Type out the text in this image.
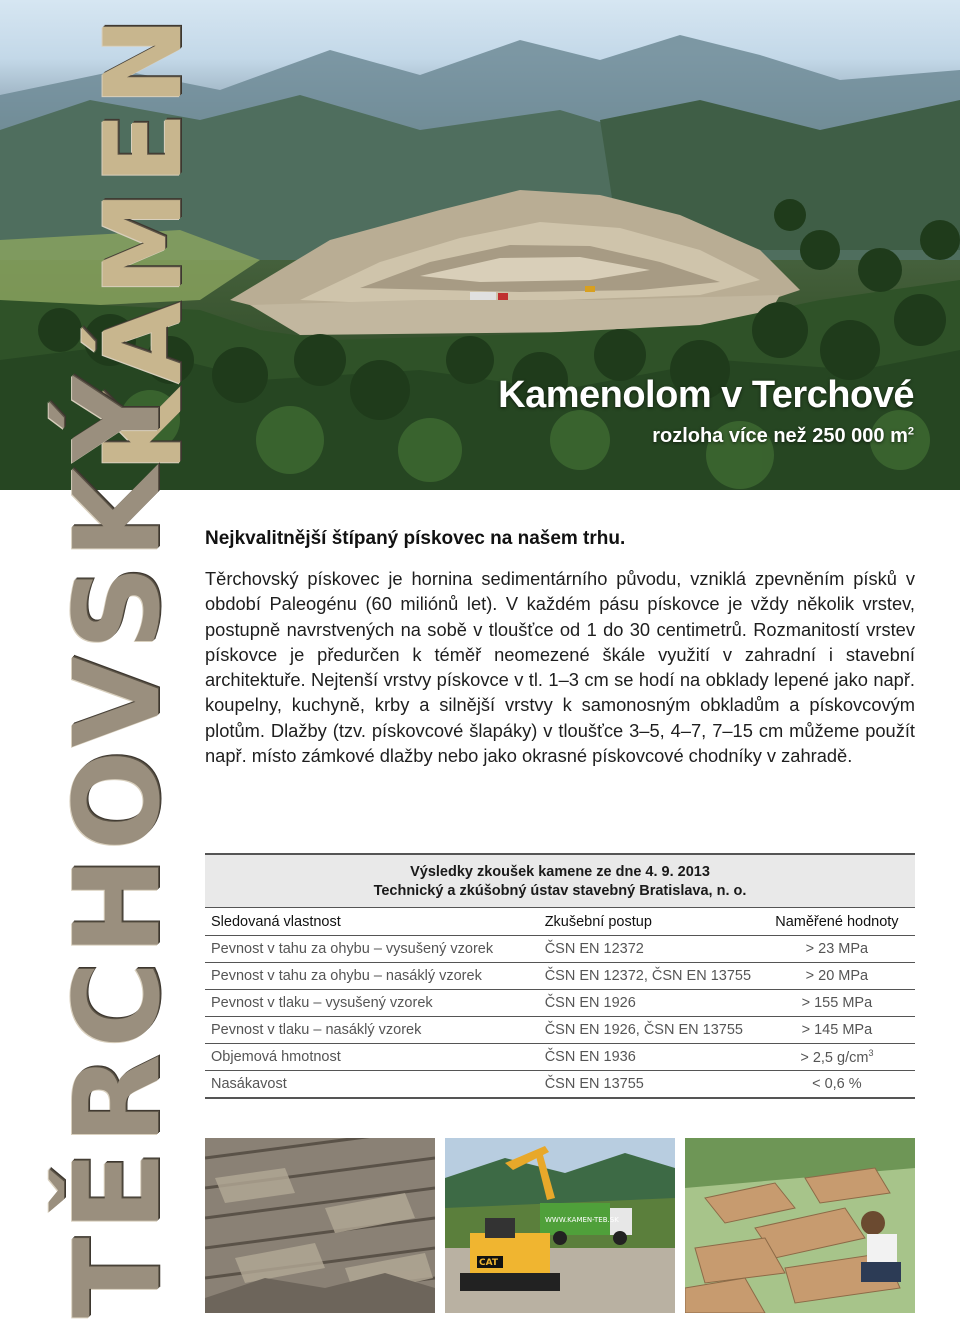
Kamenolom v Terchové
rozloha více než 250 000 $m^2$
KÁMEN
TĚRCHOVSKÝ Nejkvalitnější štípaný pískovec na našem trhu.

Těrchovský pískovec je hornina sedimentárního původu, vzniklá zpevněním písků v období Paleogénu (60 miliónů let). V každém pásu pískovce je vždy několik vrstev, postupně navrstvených na sobě v tloušťce od 1 do 30 centimetrů. Rozmanitostí vrstev pískovce je předurčen k téměř neomezené škále využití v zahradní i stavební architektuře. Nejtenší vrstvy pískovce v tl. 1–3 cm se hodí na obklady lepené jako např. koupelny, kuchyně, krby a silnější vrstvy k samonosným obkladům a pískovcovým plotům. Dlažby (tzv. pískovcové šlapáky) v tloušťce 3–5, 4–7, 7–15 cm můžeme použít např. místo zámkové dlažby nebo jako okrasné pískovcové chodníky v zahradě.

Výsledky zkoušek kamene ze dne 4. 9. 2013
Technický a zkúšobný ústav stavebný Bratislava, n. o.
Sledovaná vlastnost	Zkušební postup	Naměřené hodnoty
Pevnost v tahu za ohybu – vysušený vzorek	ČSN EN 12372	> 23 MPa
Pevnost v tahu za ohybu – nasáklý vzorek	ČSN EN 12372, ČSN EN 13755	> 20 MPa
Pevnost v tlaku – vysušený vzorek	ČSN EN 1926	> 155 MPa
Pevnost v tlaku – nasáklý vzorek	ČSN EN 1926, ČSN EN 13755	> 145 MPa
Objemová hmotnost	ČSN EN 1936	> 2,5 $g/cm^3$
Nasákavost	ČSN EN 13755	< 0,6 %
WWW.KAMEN-TEB.SK
CAT
